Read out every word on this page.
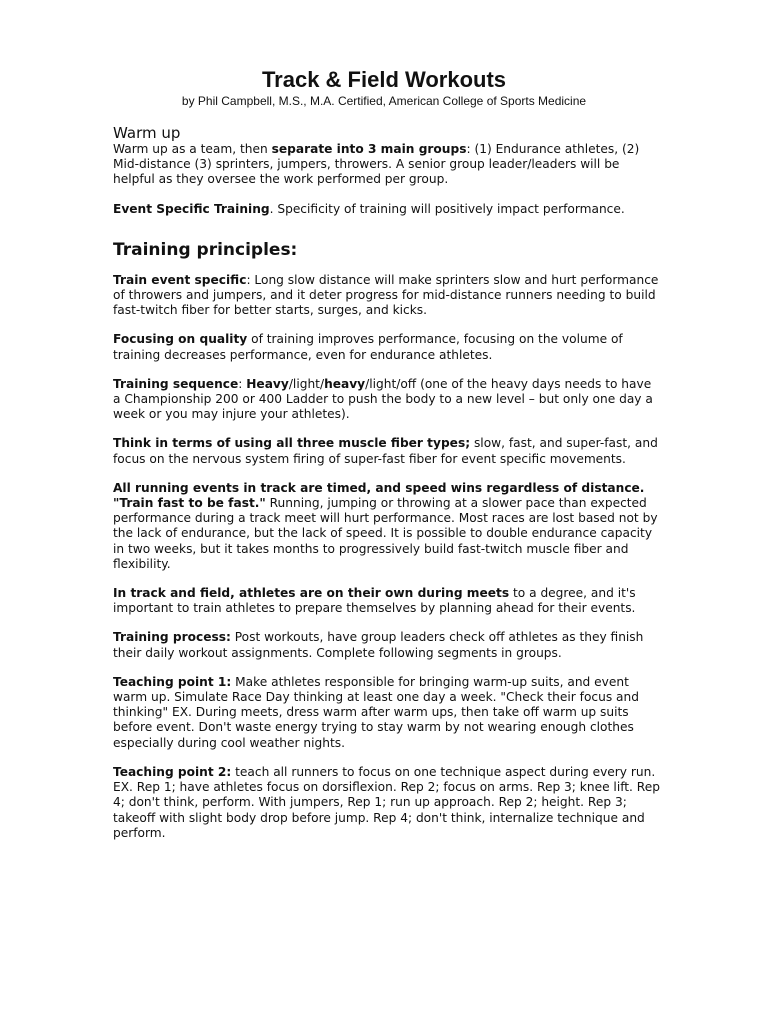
Track & Field Workouts
by Phil Campbell, M.S., M.A. Certified, American College of Sports Medicine
Warm up

Warm up as a team, then separate into 3 main groups: (1) Endurance athletes, (2) Mid-distance (3) sprinters, jumpers, throwers. A senior group leader/leaders will be helpful as they oversee the work performed per group.

Event Specific Training. Specificity of training will positively impact performance.

Training principles:

Train event specific: Long slow distance will make sprinters slow and hurt performance of throwers and jumpers, and it deter progress for mid-distance runners needing to build fast-twitch fiber for better starts, surges, and kicks.

Focusing on quality of training improves performance, focusing on the volume of training decreases performance, even for endurance athletes.

Training sequence: Heavy/light/heavy/light/off (one of the heavy days needs to have a Championship 200 or 400 Ladder to push the body to a new level – but only one day a week or you may injure your athletes).

Think in terms of using all three muscle fiber types; slow, fast, and super-fast, and focus on the nervous system firing of super-fast fiber for event specific movements.

All running events in track are timed, and speed wins regardless of distance. "Train fast to be fast." Running, jumping or throwing at a slower pace than expected performance during a track meet will hurt performance. Most races are lost based not by the lack of endurance, but the lack of speed. It is possible to double endurance capacity in two weeks, but it takes months to progressively build fast-twitch muscle fiber and flexibility.

In track and field, athletes are on their own during meets to a degree, and it's important to train athletes to prepare themselves by planning ahead for their events.

Training process: Post workouts, have group leaders check off athletes as they finish their daily workout assignments. Complete following segments in groups.

Teaching point 1: Make athletes responsible for bringing warm-up suits, and event warm up. Simulate Race Day thinking at least one day a week. "Check their focus and thinking" EX. During meets, dress warm after warm ups, then take off warm up suits before event. Don't waste energy trying to stay warm by not wearing enough clothes especially during cool weather nights.

Teaching point 2: teach all runners to focus on one technique aspect during every run. EX. Rep 1; have athletes focus on dorsiflexion. Rep 2; focus on arms. Rep 3; knee lift. Rep 4; don't think, perform. With jumpers, Rep 1; run up approach. Rep 2; height. Rep 3; takeoff with slight body drop before jump. Rep 4; don't think, internalize technique and perform.
